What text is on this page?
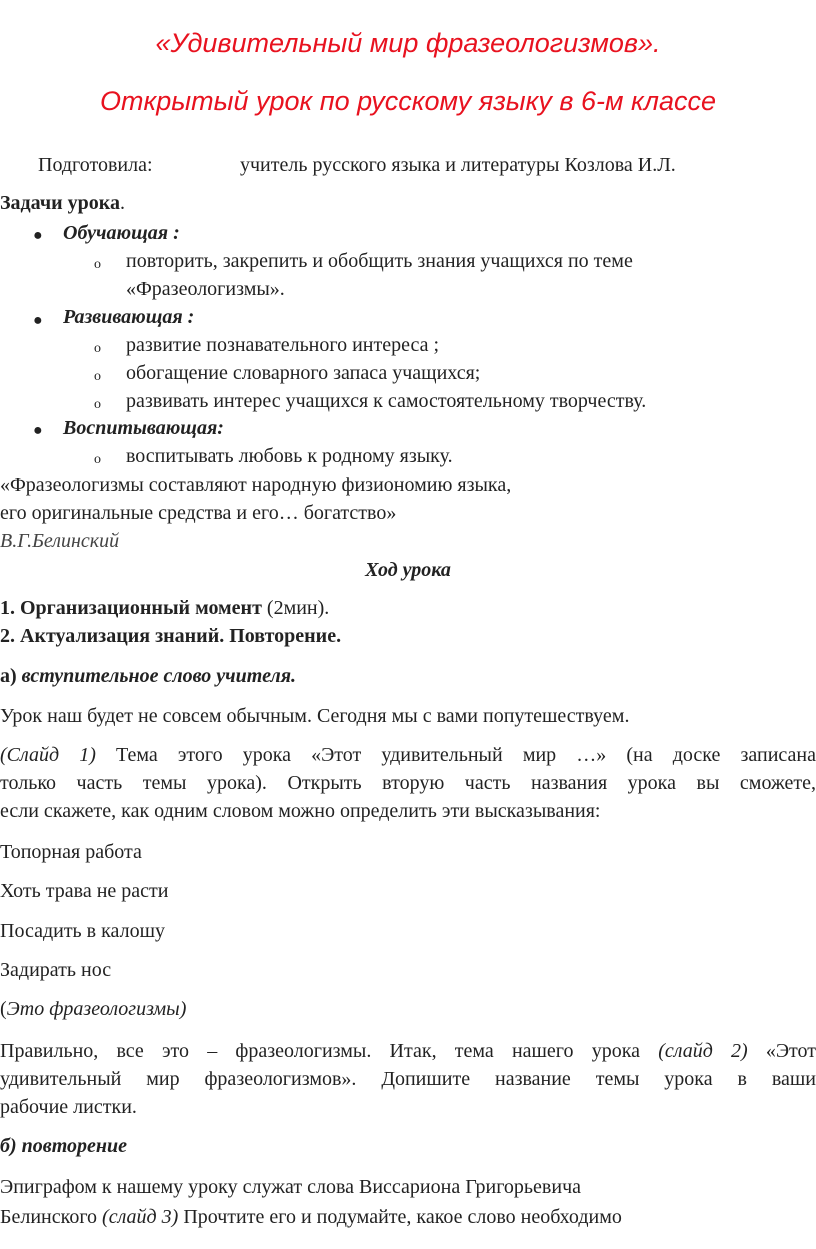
«Удивительный мир фразеологизмов».
Открытый урок по русскому языку в 6-м классе
Подготовила:	учитель русского языка и литературы Козлова И.Л.
Задачи урока.
● Обучающая :
o повторить, закрепить и обобщить знания учащихся по теме
«Фразеологизмы».
● Развивающая :
o развитие познавательного интереса ;
o обогащение словарного запаса учащихся;
o развивать интерес учащихся к самостоятельному творчеству.
● Воспитывающая:
o воспитывать любовь к родному языку.
«Фразеологизмы составляют народную физиономию языка,
его оригинальные средства и его… богатство»
В.Г.Белинский
Ход урока
1. Организационный момент (2мин).
2. Актуализация знаний. Повторение.
а) вступительное слово учителя.
Урок наш будет не совсем обычным. Сегодня мы с вами попутешествуем.
(Слайд 1) Тема этого урока «Этот удивительный мир …» (на доске записана
только часть темы урока). Открыть вторую часть названия урока вы сможете,
если скажете, как одним словом можно определить эти высказывания:
Топорная работа
Хоть трава не расти
Посадить в калошу
Задирать нос
(Это фразеологизмы)
Правильно, все это – фразеологизмы. Итак, тема нашего урока (слайд 2) «Этот
удивительный мир фразеологизмов». Допишите название темы урока в ваши
рабочие листки.
б) повторение
Эпиграфом к нашему уроку служат слова Виссариона Григорьевича
Белинского (слайд 3) Прочтите его и подумайте, какое слово необходимо
